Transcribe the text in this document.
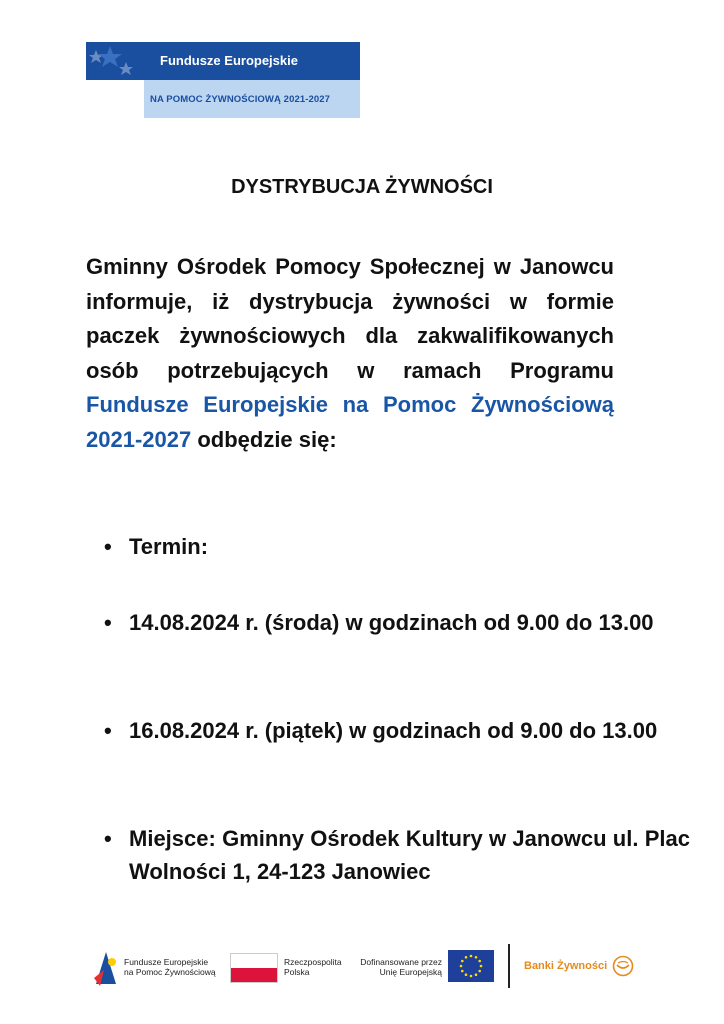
Fundusze Europejskie
NA POMOC ŻYWNOŚCIOWĄ 2021-2027
DYSTRYBUCJA ŻYWNOŚCI
Gminny Ośrodek Pomocy Społecznej w Janowcu informuje, iż dystrybucja żywności w formie paczek żywnościowych dla zakwalifikowanych osób potrzebujących w ramach Programu Fundusze Europejskie na Pomoc Żywnościową 2021-2027 odbędzie się:
• Termin:
• 14.08.2024 r. (środa) w godzinach od 9.00 do 13.00
• 16.08.2024 r. (piątek) w godzinach od 9.00 do 13.00
• Miejsce: Gminny Ośrodek Kultury w Janowcu ul. Plac Wolności 1, 24-123 Janowiec
Fundusze Europejskie
na Pomoc Żywnościową
Rzeczpospolita
Polska
Dofinansowane przez
Unię Europejską	Banki Żywności
